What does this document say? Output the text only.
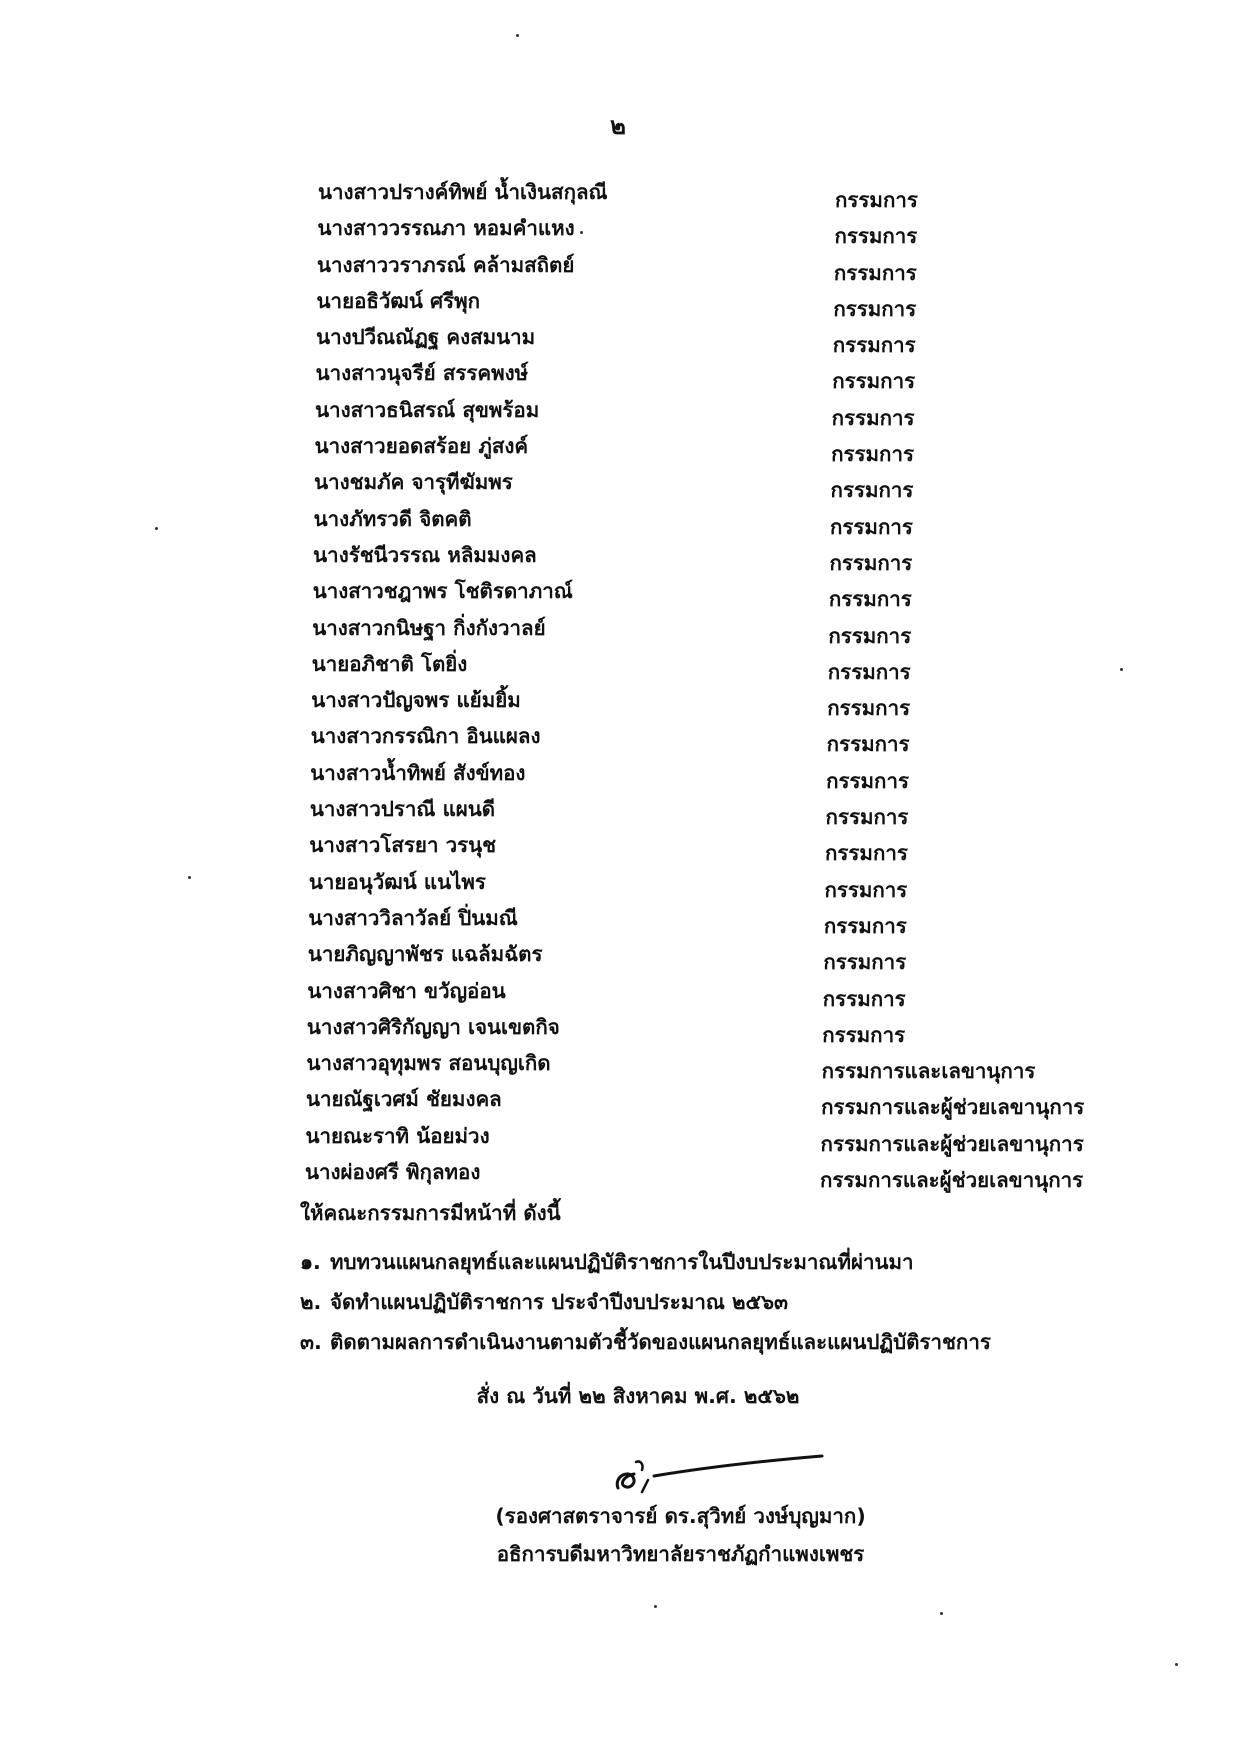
๒
นางสาวปรางค์ทิพย์ น้ำเงินสกุลณี	กรรมการ
นางสาววรรณภา หอมคำแหง	กรรมการ
นางสาววราภรณ์ คล้ามสถิตย์	กรรมการ
นายอธิวัฒน์ ศรีพุก	กรรมการ
นางปวีณณัฏฐ คงสมนาม	กรรมการ
นางสาวนุจรีย์ สรรคพงษ์	กรรมการ
นางสาวธนิสรณ์ สุขพร้อม	กรรมการ
นางสาวยอดสร้อย ภู่สงค์	กรรมการ
นางชมภัค จารุทีฆัมพร	กรรมการ
นางภัทรวดี จิตคติ	กรรมการ
นางรัชนีวรรณ หลิมมงคล	กรรมการ
นางสาวชฎาพร โชติรดาภาณ์	กรรมการ
นางสาวกนิษฐา กิ่งกังวาลย์	กรรมการ
นายอภิชาติ โตยิ่ง	กรรมการ
นางสาวปัญจพร แย้มยิ้ม	กรรมการ
นางสาวกรรณิกา อินแผลง	กรรมการ
นางสาวน้ำทิพย์ สังข์ทอง	กรรมการ
นางสาวปราณี แผนดี	กรรมการ
นางสาวโสรยา วรนุช	กรรมการ
นายอนุวัฒน์ แนไพร	กรรมการ
นางสาววิลาวัลย์ ปิ่นมณี	กรรมการ
นายภิญญาพัชร แฉล้มฉัตร	กรรมการ
นางสาวศิชา ขวัญอ่อน	กรรมการ
นางสาวศิริกัญญา เจนเขตกิจ	กรรมการ
นางสาวอุทุมพร สอนบุญเกิด	กรรมการและเลขานุการ
นายณัฐเวศม์ ชัยมงคล	กรรมการและผู้ช่วยเลขานุการ
นายณะราทิ น้อยม่วง	กรรมการและผู้ช่วยเลขานุการ
นางผ่องศรี พิกุลทอง	กรรมการและผู้ช่วยเลขานุการ
ให้คณะกรรมการมีหน้าที่ ดังนี้
๑. ทบทวนแผนกลยุทธ์และแผนปฏิบัติราชการในปีงบประมาณที่ผ่านมา
๒. จัดทำแผนปฏิบัติราชการ ประจำปีงบประมาณ ๒๕๖๓
๓. ติดตามผลการดำเนินงานตามตัวชี้วัดของแผนกลยุทธ์และแผนปฏิบัติราชการ
สั่ง ณ วันที่ ๒๒ สิงหาคม พ.ศ. ๒๕๖๒
(รองศาสตราจารย์ ดร.สุวิทย์ วงษ์บุญมาก)
อธิการบดีมหาวิทยาลัยราชภัฏกำแพงเพชร
